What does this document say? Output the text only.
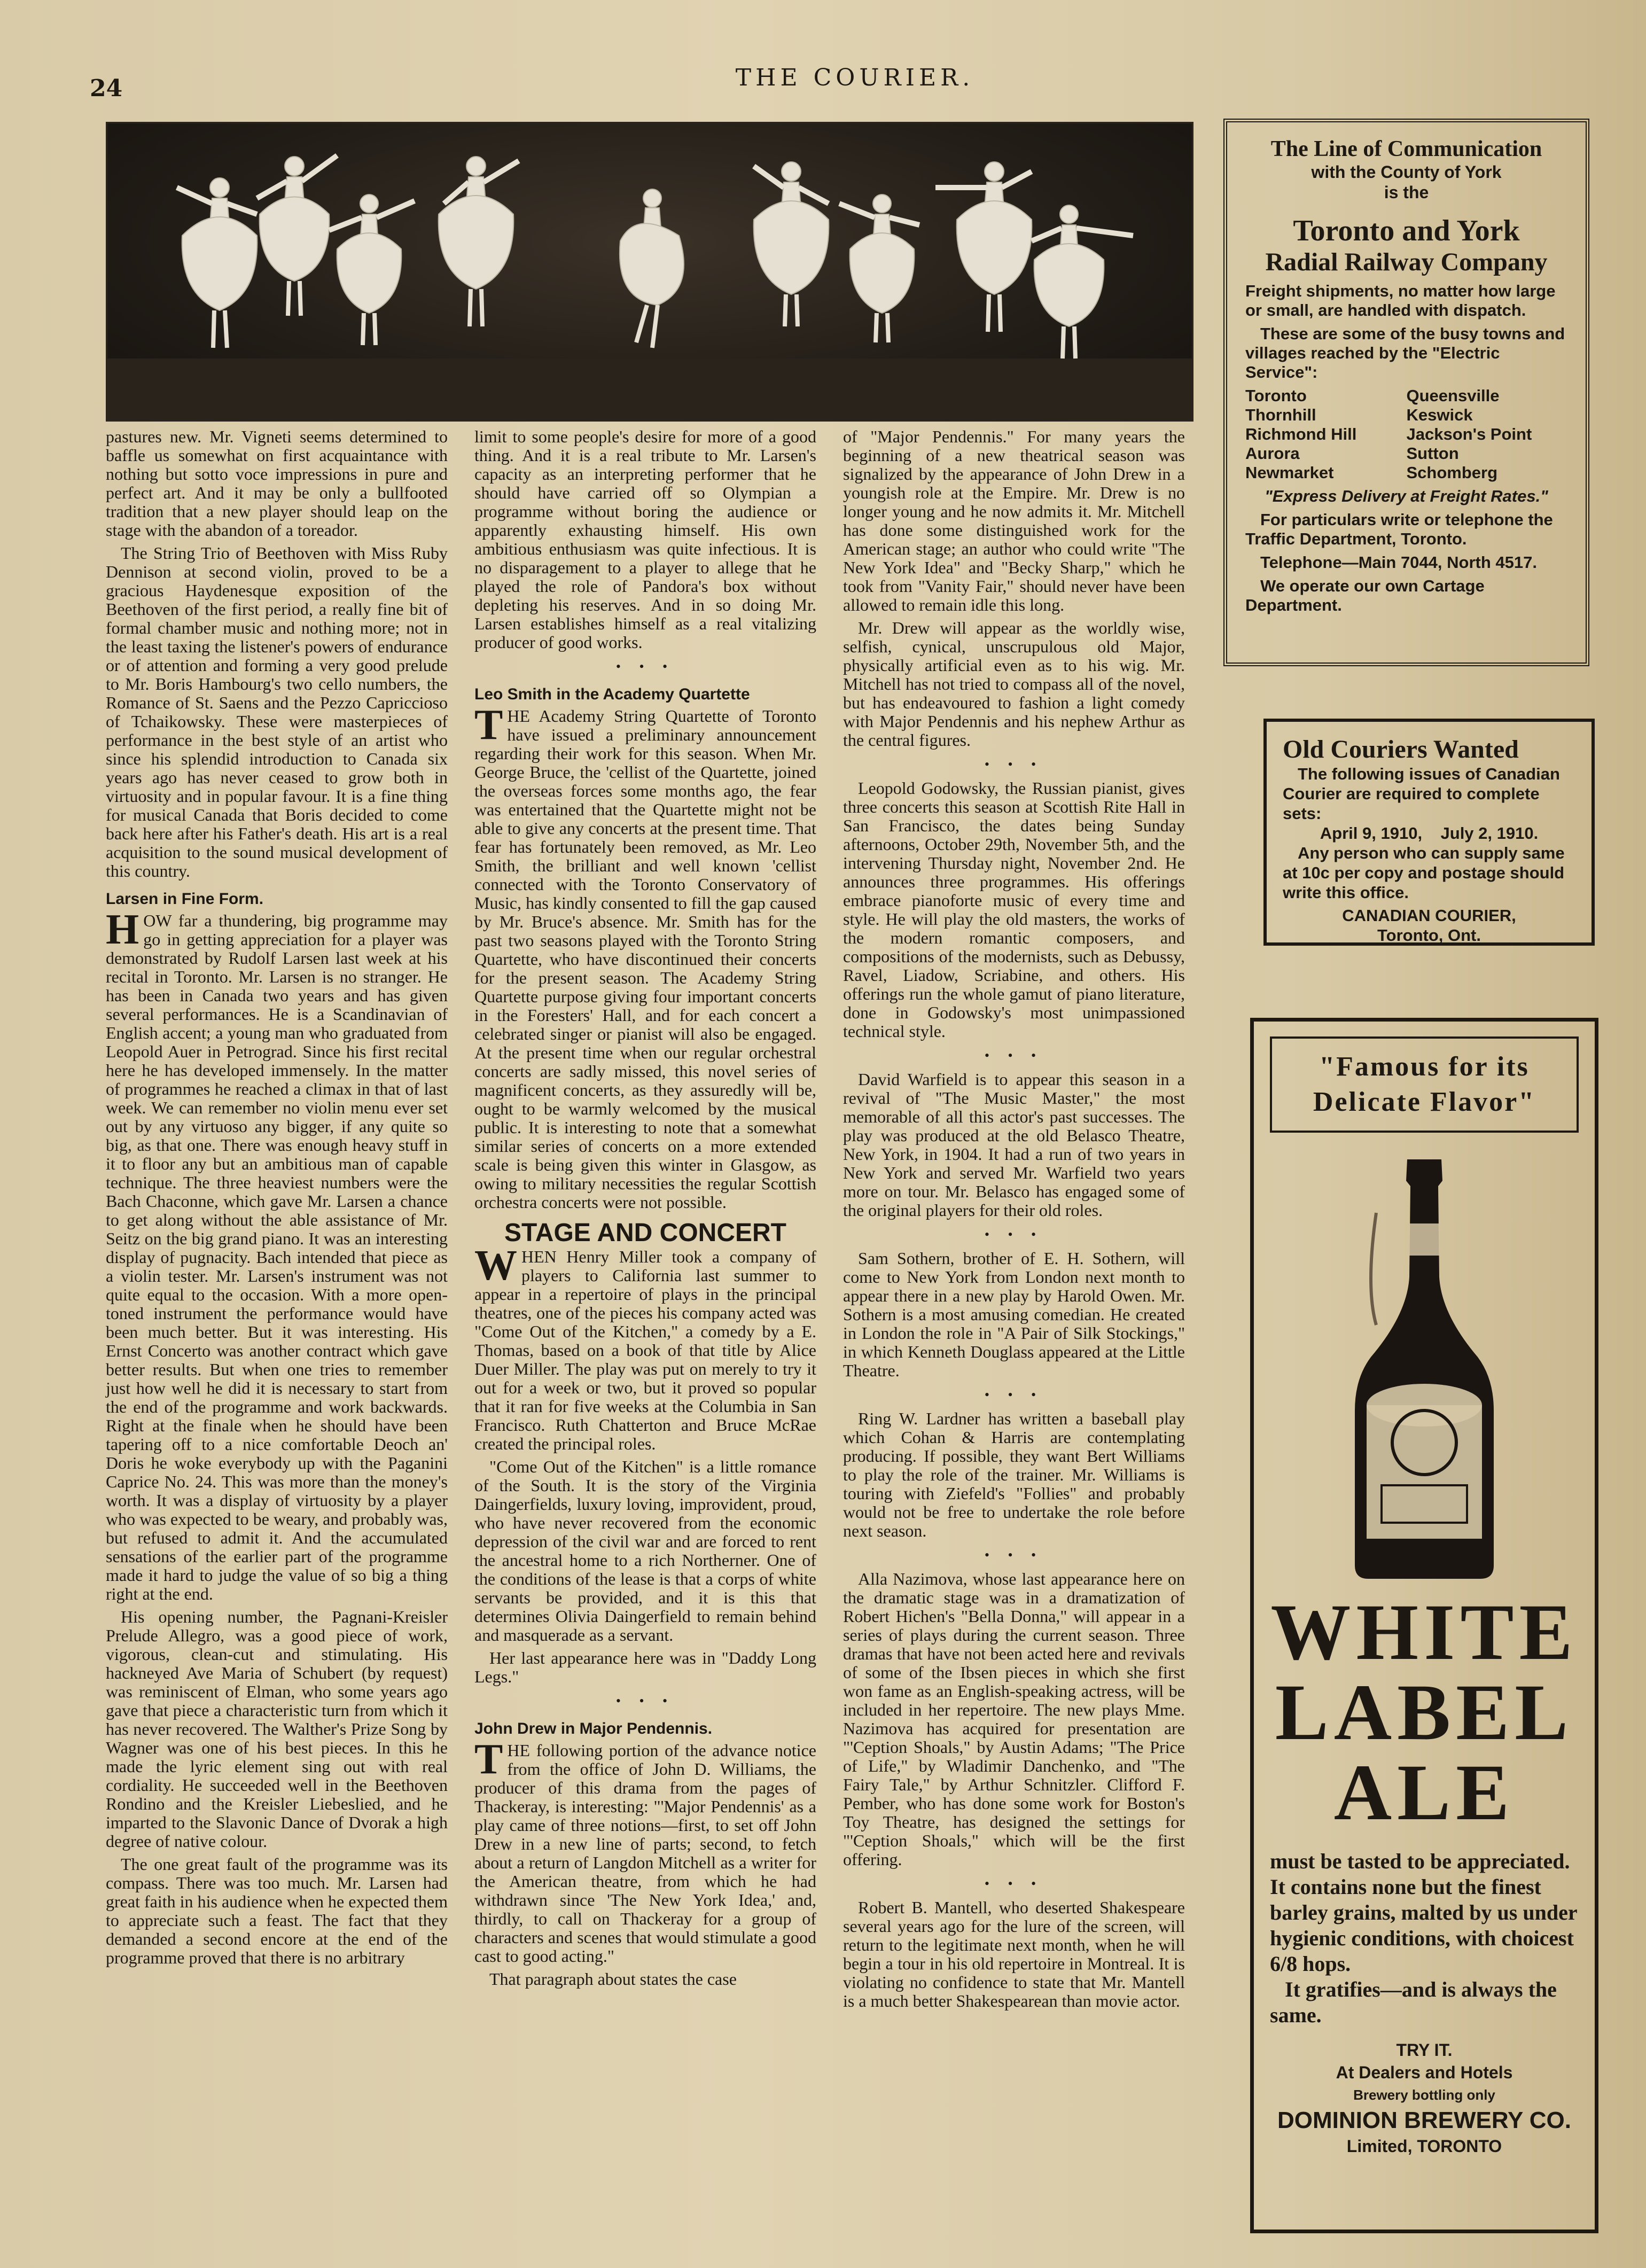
24	THE COURIER.

pastures new. Mr. Vigneti seems determined to baffle us somewhat on first acquaintance with nothing but sotto voce impressions in pure and perfect art. And it may be only a bullfooted tradition that a new player should leap on the stage with the abandon of a toreador.

The String Trio of Beethoven with Miss Ruby Dennison at second violin, proved to be a gracious Haydenesque exposition of the Beethoven of the first period, a really fine bit of formal chamber music and nothing more; not in the least taxing the listener's powers of endurance or of attention and forming a very good prelude to Mr. Boris Hambourg's two cello numbers, the Romance of St. Saens and the Pezzo Capriccioso of Tchaikowsky. These were masterpieces of performance in the best style of an artist who since his splendid introduction to Canada six years ago has never ceased to grow both in virtuosity and in popular favour. It is a fine thing for musical Canada that Boris decided to come back here after his Father's death. His art is a real acquisition to the sound musical development of this country.

Larsen in Fine Form.

HOW far a thundering, big programme may go in getting appreciation for a player was demonstrated by Rudolf Larsen last week at his recital in Toronto. Mr. Larsen is no stranger. He has been in Canada two years and has given several performances. He is a Scandinavian of English accent; a young man who graduated from Leopold Auer in Petrograd. Since his first recital here he has developed immensely. In the matter of programmes he reached a climax in that of last week. We can remember no violin menu ever set out by any virtuoso any bigger, if any quite so big, as that one. There was enough heavy stuff in it to floor any but an ambitious man of capable technique. The three heaviest numbers were the Bach Chaconne, which gave Mr. Larsen a chance to get along without the able assistance of Mr. Seitz on the big grand piano. It was an interesting display of pugnacity. Bach intended that piece as a violin tester. Mr. Larsen's instrument was not quite equal to the occasion. With a more open-toned instrument the performance would have been much better. But it was interesting. His Ernst Concerto was another contract which gave better results. But when one tries to remember just how well he did it is necessary to start from the end of the programme and work backwards. Right at the finale when he should have been tapering off to a nice comfortable Deoch an' Doris he woke everybody up with the Paganini Caprice No. 24. This was more than the money's worth. It was a display of virtuosity by a player who was expected to be weary, and probably was, but refused to admit it. And the accumulated sensations of the earlier part of the programme made it hard to judge the value of so big a thing right at the end.

His opening number, the Pagnani-Kreisler Prelude Allegro, was a good piece of work, vigorous, clean-cut and stimulating. His hackneyed Ave Maria of Schubert (by request) was reminiscent of Elman, who some years ago gave that piece a characteristic turn from which it has never recovered. The Walther's Prize Song by Wagner was one of his best pieces. In this he made the lyric element sing out with real cordiality. He succeeded well in the Beethoven Rondino and the Kreisler Liebeslied, and he imparted to the Slavonic Dance of Dvorak a high degree of native colour.

The one great fault of the programme was its compass. There was too much. Mr. Larsen had great faith in his audience when he expected them to appreciate such a feast. The fact that they demanded a second encore at the end of the programme proved that there is no arbitrary

limit to some people's desire for more of a good thing. And it is a real tribute to Mr. Larsen's capacity as an interpreting performer that he should have carried off so Olympian a programme without boring the audience or apparently exhausting himself. His own ambitious enthusiasm was quite infectious. It is no disparagement to a player to allege that he played the role of Pandora's box without depleting his reserves. And in so doing Mr. Larsen establishes himself as a real vitalizing producer of good works.

• • •
Leo Smith in the Academy Quartette

THE Academy String Quartette of Toronto have issued a preliminary announcement regarding their work for this season. When Mr. George Bruce, the 'cellist of the Quartette, joined the overseas forces some months ago, the fear was entertained that the Quartette might not be able to give any concerts at the present time. That fear has fortunately been removed, as Mr. Leo Smith, the brilliant and well known 'cellist connected with the Toronto Conservatory of Music, has kindly consented to fill the gap caused by Mr. Bruce's absence. Mr. Smith has for the past two seasons played with the Toronto String Quartette, who have discontinued their concerts for the present season. The Academy String Quartette purpose giving four important concerts in the Foresters' Hall, and for each concert a celebrated singer or pianist will also be engaged. At the present time when our regular orchestral concerts are sadly missed, this novel series of magnificent concerts, as they assuredly will be, ought to be warmly welcomed by the musical public. It is interesting to note that a somewhat similar series of concerts on a more extended scale is being given this winter in Glasgow, as owing to military necessities the regular Scottish orchestra concerts were not possible.

STAGE AND CONCERT

WHEN Henry Miller took a company of players to California last summer to appear in a repertoire of plays in the principal theatres, one of the pieces his company acted was "Come Out of the Kitchen," a comedy by a E. Thomas, based on a book of that title by Alice Duer Miller. The play was put on merely to try it out for a week or two, but it proved so popular that it ran for five weeks at the Columbia in San Francisco. Ruth Chatterton and Bruce McRae created the principal roles.

"Come Out of the Kitchen" is a little romance of the South. It is the story of the Virginia Daingerfields, luxury loving, improvident, proud, who have never recovered from the economic depression of the civil war and are forced to rent the ancestral home to a rich Northerner. One of the conditions of the lease is that a corps of white servants be provided, and it is this that determines Olivia Daingerfield to remain behind and masquerade as a servant.

Her last appearance here was in "Daddy Long Legs."

• • •
John Drew in Major Pendennis.

THE following portion of the advance notice from the office of John D. Williams, the producer of this drama from the pages of Thackeray, is interesting: "'Major Pendennis' as a play came of three notions—first, to set off John Drew in a new line of parts; second, to fetch about a return of Langdon Mitchell as a writer for the American theatre, from which he had withdrawn since 'The New York Idea,' and, thirdly, to call on Thackeray for a group of characters and scenes that would stimulate a good cast to good acting."

That paragraph about states the case

of "Major Pendennis." For many years the beginning of a new theatrical season was signalized by the appearance of John Drew in a youngish role at the Empire. Mr. Drew is no longer young and he now admits it. Mr. Mitchell has done some distinguished work for the American stage; an author who could write "The New York Idea" and "Becky Sharp," which he took from "Vanity Fair," should never have been allowed to remain idle this long.

Mr. Drew will appear as the worldly wise, selfish, cynical, unscrupulous old Major, physically artificial even as to his wig. Mr. Mitchell has not tried to compass all of the novel, but has endeavoured to fashion a light comedy with Major Pendennis and his nephew Arthur as the central figures.

• • •

Leopold Godowsky, the Russian pianist, gives three concerts this season at Scottish Rite Hall in San Francisco, the dates being Sunday afternoons, October 29th, November 5th, and the intervening Thursday night, November 2nd. He announces three programmes. His offerings embrace pianoforte music of every time and style. He will play the old masters, the works of the modern romantic composers, and compositions of the modernists, such as Debussy, Ravel, Liadow, Scriabine, and others. His offerings run the whole gamut of piano literature, done in Godowsky's most unimpassioned technical style.

• • •

David Warfield is to appear this season in a revival of "The Music Master," the most memorable of all this actor's past successes. The play was produced at the old Belasco Theatre, New York, in 1904. It had a run of two years in New York and served Mr. Warfield two years more on tour. Mr. Belasco has engaged some of the original players for their old roles.

• • •

Sam Sothern, brother of E. H. Sothern, will come to New York from London next month to appear there in a new play by Harold Owen. Mr. Sothern is a most amusing comedian. He created in London the role in "A Pair of Silk Stockings," in which Kenneth Douglass appeared at the Little Theatre.

• • •

Ring W. Lardner has written a baseball play which Cohan & Harris are contemplating producing. If possible, they want Bert Williams to play the role of the trainer. Mr. Williams is touring with Ziefeld's "Follies" and probably would not be free to undertake the role before next season.

• • •

Alla Nazimova, whose last appearance here on the dramatic stage was in a dramatization of Robert Hichen's "Bella Donna," will appear in a series of plays during the current season. Three dramas that have not been acted here and revivals of some of the Ibsen pieces in which she first won fame as an English-speaking actress, will be included in her repertoire. The new plays Mme. Nazimova has acquired for presentation are "'Ception Shoals," by Austin Adams; "The Price of Life," by Wladimir Danchenko, and "The Fairy Tale," by Arthur Schnitzler. Clifford F. Pember, who has done some work for Boston's Toy Theatre, has designed the settings for "'Ception Shoals," which will be the first offering.

• • •

Robert B. Mantell, who deserted Shakespeare several years ago for the lure of the screen, will return to the legitimate next month, when he will begin a tour in his old repertoire in Montreal. It is violating no confidence to state that Mr. Mantell is a much better Shakespearean than movie actor.

The Line of Communication
with the County of York
is the
Toronto and York
Radial Railway Company
Freight shipments, no matter how large or small, are handled with dispatch.
These are some of the busy towns and villages reached by the "Electric Service":
Toronto	Queensville
Thornhill	Keswick
Richmond Hill	Jackson's Point
Aurora	Sutton
Newmarket	Schomberg
"Express Delivery at Freight Rates."
For particulars write or telephone the Traffic Department, Toronto.
Telephone—Main 7044, North 4517.
We operate our own Cartage Department.
Old Couriers Wanted
The following issues of Canadian Courier are required to complete sets:
April 9, 1910,    July 2, 1910.
Any person who can supply same at 10c per copy and postage should write this office.
CANADIAN COURIER,
Toronto, Ont.
"Famous for its
Delicate Flavor"
WHITE
LABEL
ALE
must be tasted to be appreciated. It contains none but the finest barley grains, malted by us under hygienic conditions, with choicest 6/8 hops.
It gratifies—and is always the same.
TRY IT.
At Dealers and Hotels
Brewery bottling only
DOMINION BREWERY CO.
Limited, TORONTO
